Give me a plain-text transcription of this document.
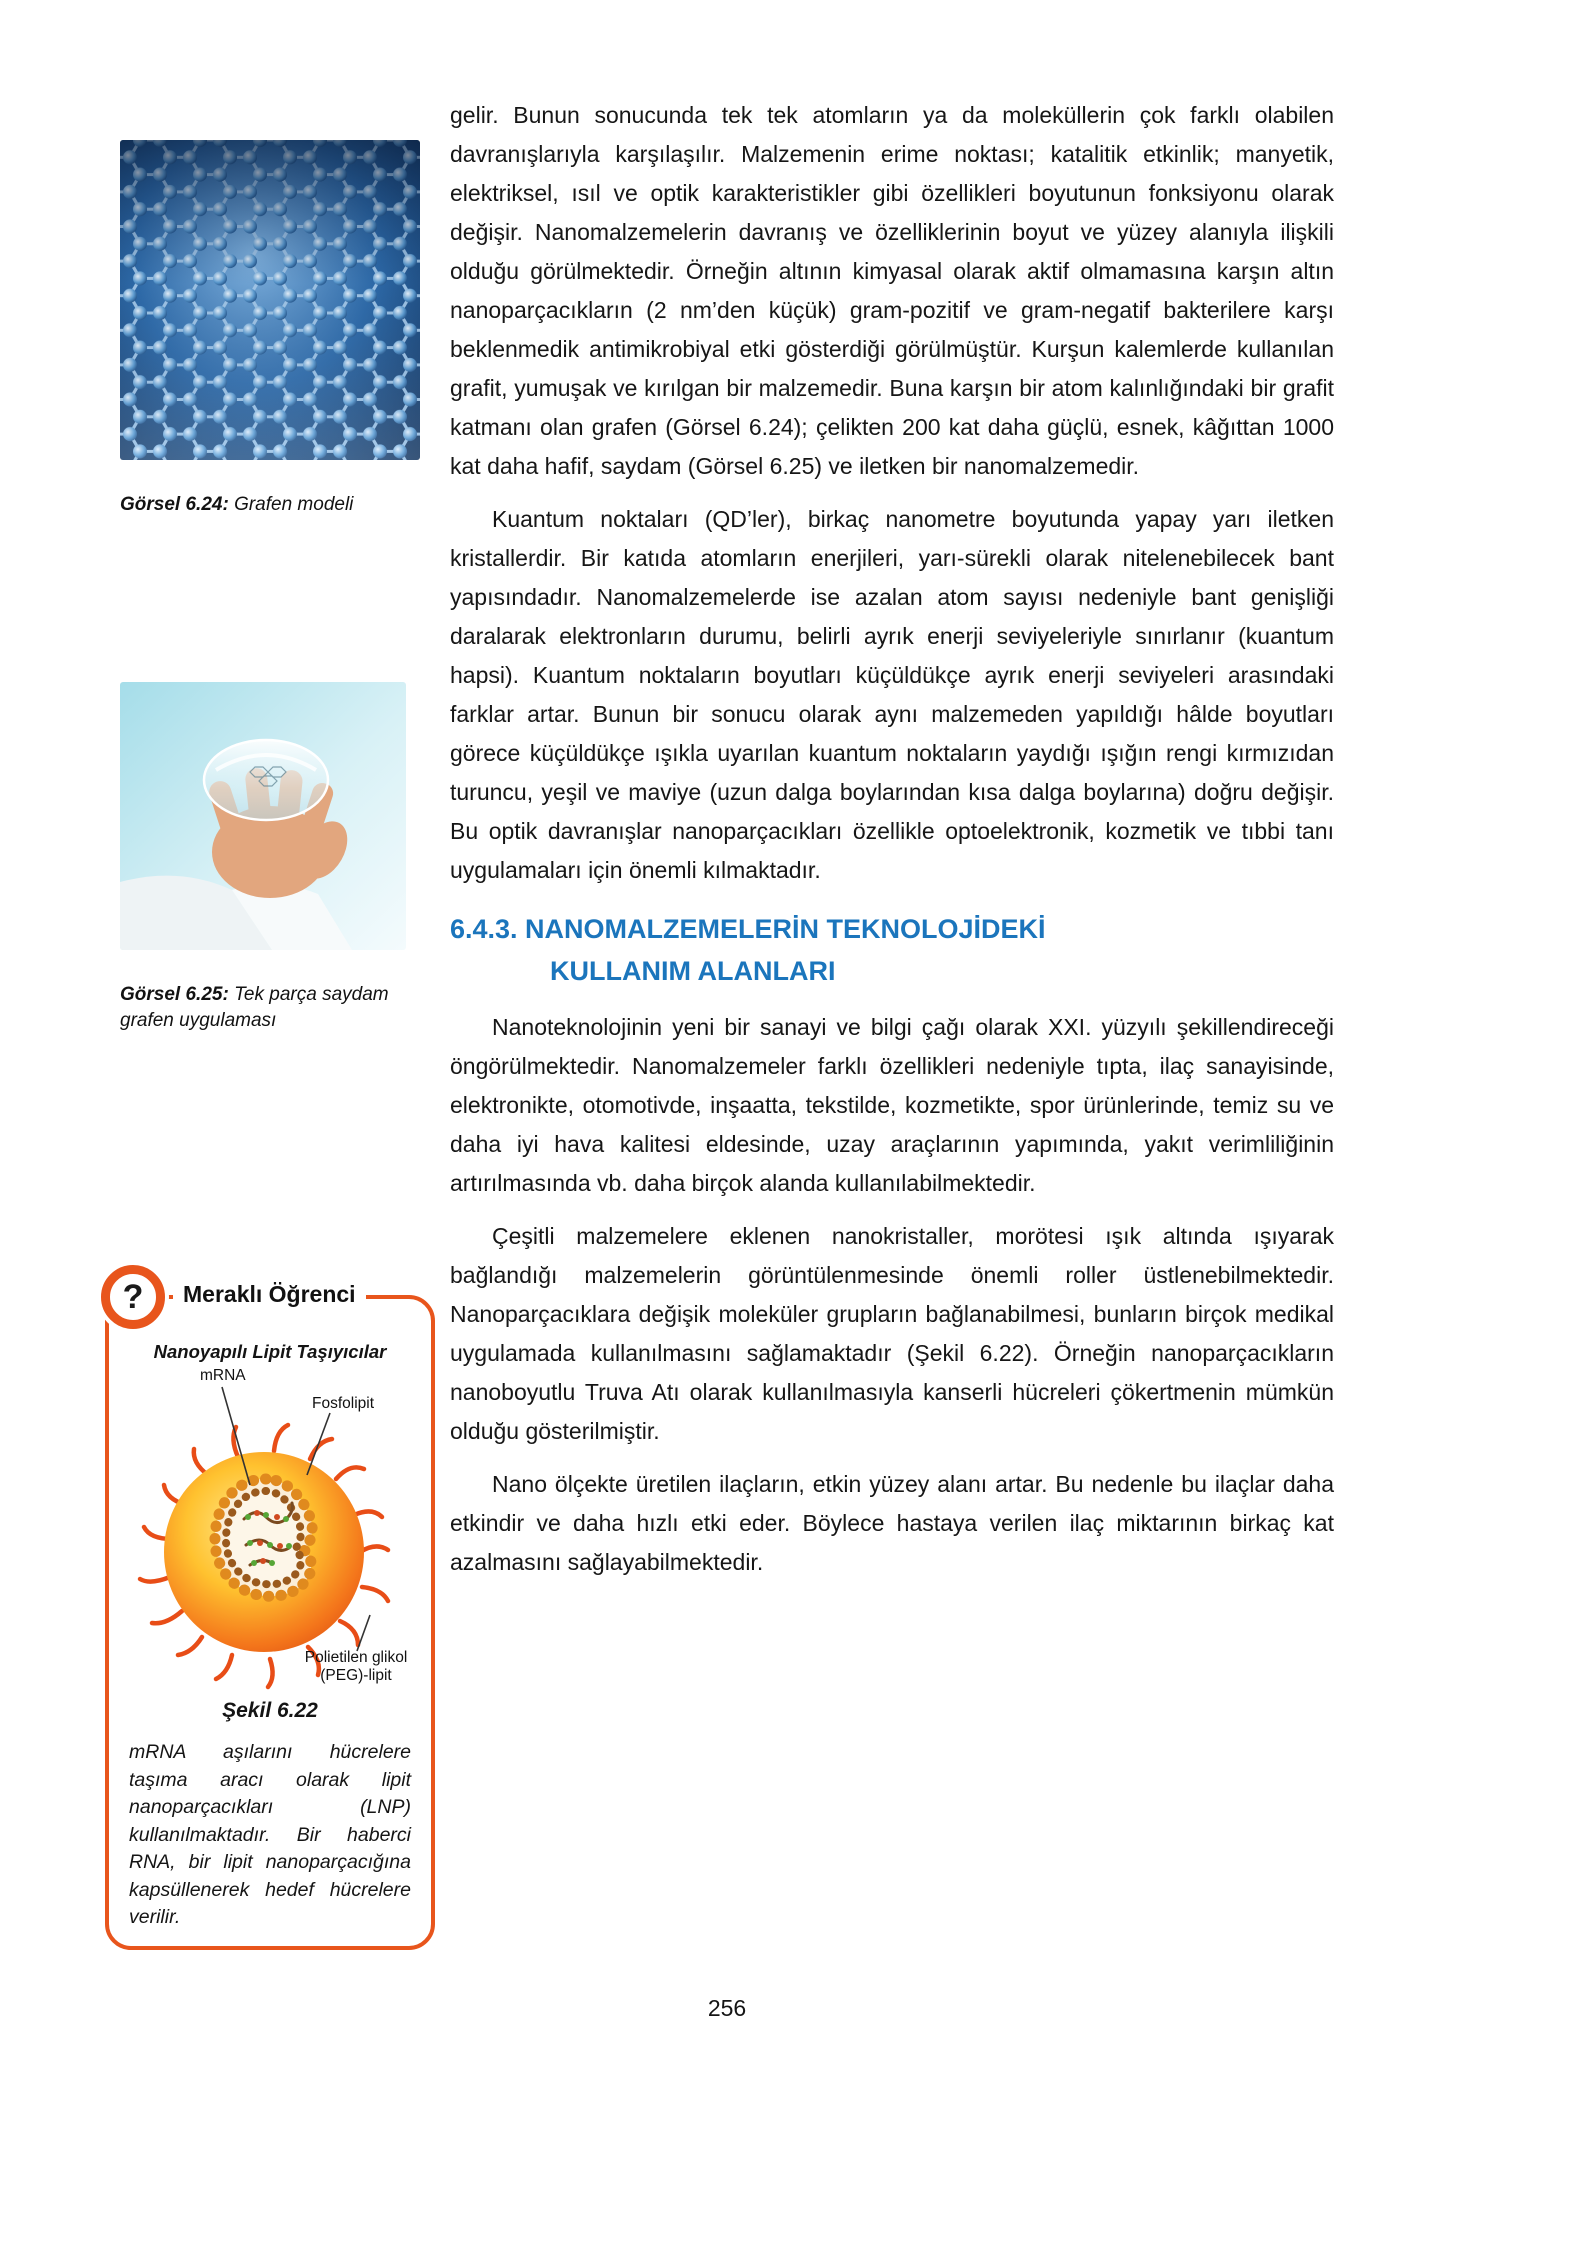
Görsel 6.24: Grafen modeli
Görsel 6.25: Tek parça saydam grafen uygulaması
?	Meraklı Öğrenci
Nanoyapılı Lipit Taşıyıcılar
mRNA
Fosfolipit
Polietilen glikol (PEG)-lipit
Şekil 6.22

mRNA aşılarını hücrelere taşıma aracı olarak lipit nanoparçacıkları (LNP) kullanılmaktadır. Bir haberci RNA, bir lipit nanoparçacığına kapsüllenerek hedef hücrelere verilir.

gelir. Bunun sonucunda tek tek atomların ya da moleküllerin çok farklı olabilen davranışlarıyla karşılaşılır. Malzemenin erime noktası; katalitik etkinlik; manyetik, elektriksel, ısıl ve optik karakteristikler gibi özellikleri boyutunun fonksiyonu olarak değişir. Nanomalzemelerin davranış ve özelliklerinin boyut ve yüzey alanıyla ilişkili olduğu görülmektedir. Örneğin altının kimyasal olarak aktif olmamasına karşın altın nanoparçacıkların (2 nm’den küçük) gram-pozitif ve gram-negatif bakterilere karşı beklenmedik antimikrobiyal etki gösterdiği görülmüştür. Kurşun kalemlerde kullanılan grafit, yumuşak ve kırılgan bir malzemedir. Buna karşın bir atom kalınlığındaki bir grafit katmanı olan grafen (Görsel 6.24); çelikten 200 kat daha güçlü, esnek, kâğıttan 1000 kat daha hafif, saydam (Görsel 6.25) ve iletken bir nanomalzemedir.

Kuantum noktaları (QD’ler), birkaç nanometre boyutunda yapay yarı iletken kristallerdir. Bir katıda atomların enerjileri, yarı-sürekli olarak nitelenebilecek bant yapısındadır. Nanomalzemelerde ise azalan atom sayısı nedeniyle bant genişliği daralarak elektronların durumu, belirli ayrık enerji seviyeleriyle sınırlanır (kuantum hapsi). Kuantum noktaların boyutları küçüldükçe ayrık enerji seviyeleri arasındaki farklar artar. Bunun bir sonucu olarak aynı malzemeden yapıldığı hâlde boyutları görece küçüldükçe ışıkla uyarılan kuantum noktaların yaydığı ışığın rengi kırmızıdan turuncu, yeşil ve maviye (uzun dalga boylarından kısa dalga boylarına) doğru değişir. Bu optik davranışlar nanoparçacıkları özellikle optoelektronik, kozmetik ve tıbbi tanı uygulamaları için önemli kılmaktadır.

6.4.3. NANOMALZEMELERİN TEKNOLOJİDEKİ
KULLANIM ALANLARI

Nanoteknolojinin yeni bir sanayi ve bilgi çağı olarak XXI. yüzyılı şekillendireceği öngörülmektedir. Nanomalzemeler farklı özellikleri nedeniyle tıpta, ilaç sanayisinde, elektronikte, otomotivde, inşaatta, tekstilde, kozmetikte, spor ürünlerinde, temiz su ve daha iyi hava kalitesi eldesinde, uzay araçlarının yapımında, yakıt verimliliğinin artırılmasında vb. daha birçok alanda kullanılabilmektedir.

Çeşitli malzemelere eklenen nanokristaller, morötesi ışık altında ışıyarak bağlandığı malzemelerin görüntülenmesinde önemli roller üstlenebilmektedir. Nanoparçacıklara değişik moleküler grupların bağlanabilmesi, bunların birçok medikal uygulamada kullanılmasını sağlamaktadır (Şekil 6.22). Örneğin nanoparçacıkların nanoboyutlu Truva Atı olarak kullanılmasıyla kanserli hücreleri çökertmenin mümkün olduğu gösterilmiştir.

Nano ölçekte üretilen ilaçların, etkin yüzey alanı artar. Bu nedenle bu ilaçlar daha etkindir ve daha hızlı etki eder. Böylece hastaya verilen ilaç miktarının birkaç kat azalmasını sağlayabilmektedir.

256
